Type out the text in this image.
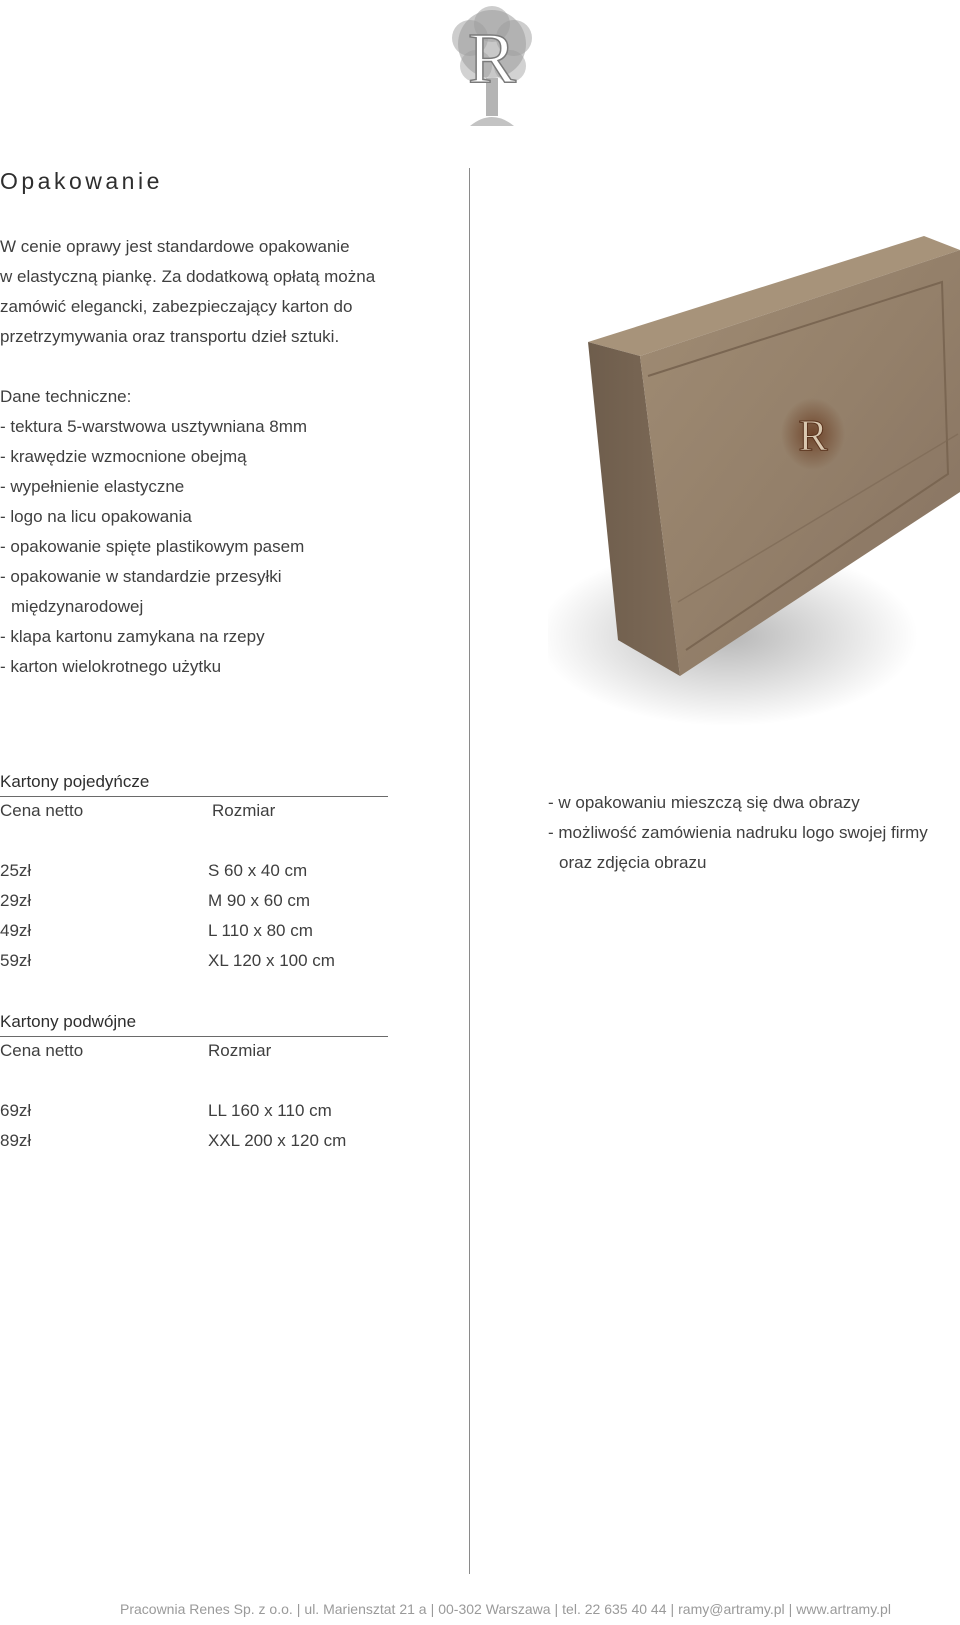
R
Opakowanie
W cenie oprawy jest standardowe opakowanie
w elastyczną piankę. Za dodatkową opłatą można
zamówić elegancki, zabezpieczający karton do
przetrzymywania oraz transportu dzieł sztuki.
Dane techniczne:
- tektura 5-warstwowa usztywniana 8mm
- krawędzie wzmocnione obejmą
- wypełnienie elastyczne
- logo na licu opakowania
- opakowanie spięte plastikowym pasem
- opakowanie w standardzie przesyłki
międzynarodowej
- klapa kartonu zamykana na rzepy
- karton wielokrotnego użytku
R
Kartony pojedyńcze
Cena netto	Rozmiar
25zł	S 60 x 40 cm
29zł	M 90 x 60 cm
49zł	L 110 x 80 cm
59zł	XL 120 x 100 cm
Kartony podwójne
Cena netto	Rozmiar
69zł	LL 160 x 110 cm
89zł	XXL 200 x 120 cm
- w opakowaniu mieszczą się dwa obrazy
- możliwość zamówienia nadruku logo swojej firmy
oraz zdjęcia obrazu
Pracownia Renes Sp. z o.o. | ul. Mariensztat 21 a | 00-302 Warszawa | tel. 22 635 40 44 | ramy@artramy.pl | www.artramy.pl
